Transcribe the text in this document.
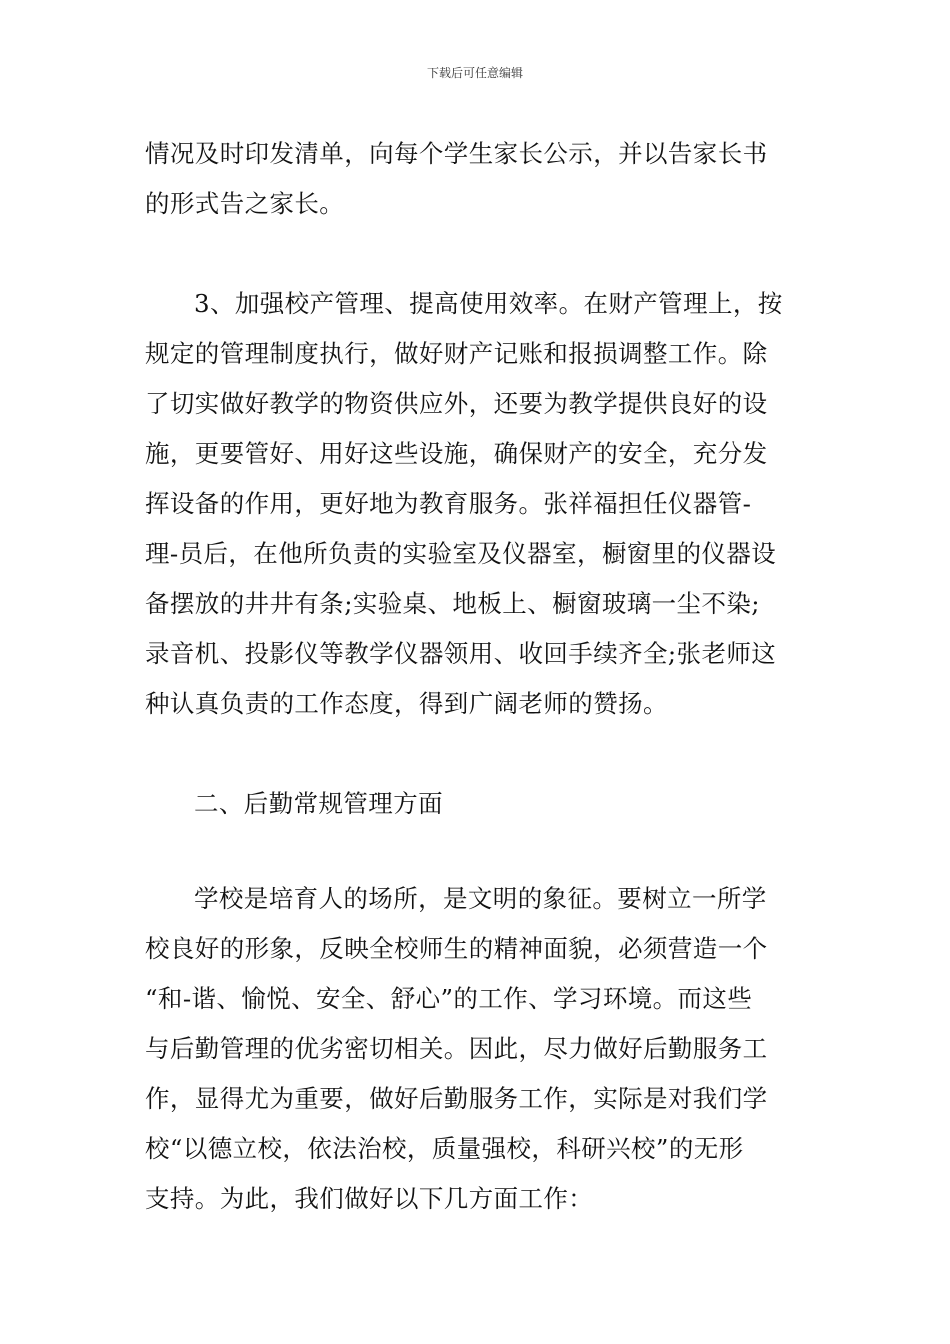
下载后可任意编辑
情况及时印发清单，向每个学生家长公示，并以告家长书
的形式告之家长。
3、加强校产管理、提高使用效率。在财产管理上，按
规定的管理制度执行，做好财产记账和报损调整工作。除
了切实做好教学的物资供应外，还要为教学提供良好的设
施，更要管好、用好这些设施，确保财产的安全，充分发
挥设备的作用，更好地为教育服务。张祥福担任仪器管-
理-员后，在他所负责的实验室及仪器室，橱窗里的仪器设
备摆放的井井有条;实验桌、地板上、橱窗玻璃一尘不染;
录音机、投影仪等教学仪器领用、收回手续齐全;张老师这
种认真负责的工作态度，得到广阔老师的赞扬。
二、后勤常规管理方面
学校是培育人的场所，是文明的象征。要树立一所学
校良好的形象，反映全校师生的精神面貌，必须营造一个
“和-谐、愉悦、安全、舒心”的工作、学习环境。而这些
与后勤管理的优劣密切相关。因此，尽力做好后勤服务工
作，显得尤为重要，做好后勤服务工作，实际是对我们学
校“以德立校，依法治校，质量强校，科研兴校”的无形
支持。为此，我们做好以下几方面工作：
